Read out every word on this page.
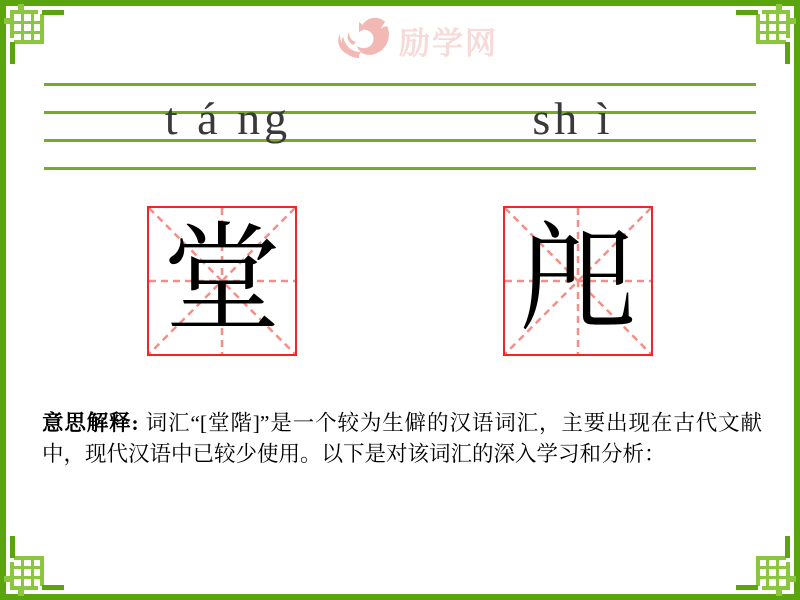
励学网
t á ng	sh ì
堂 戺
意思解释: 词汇“[堂階]”是一个较为生僻的汉语词汇，主要出现在古代文献中，现代汉语中已较少使用。以下是对该词汇的深入学习和分析：
